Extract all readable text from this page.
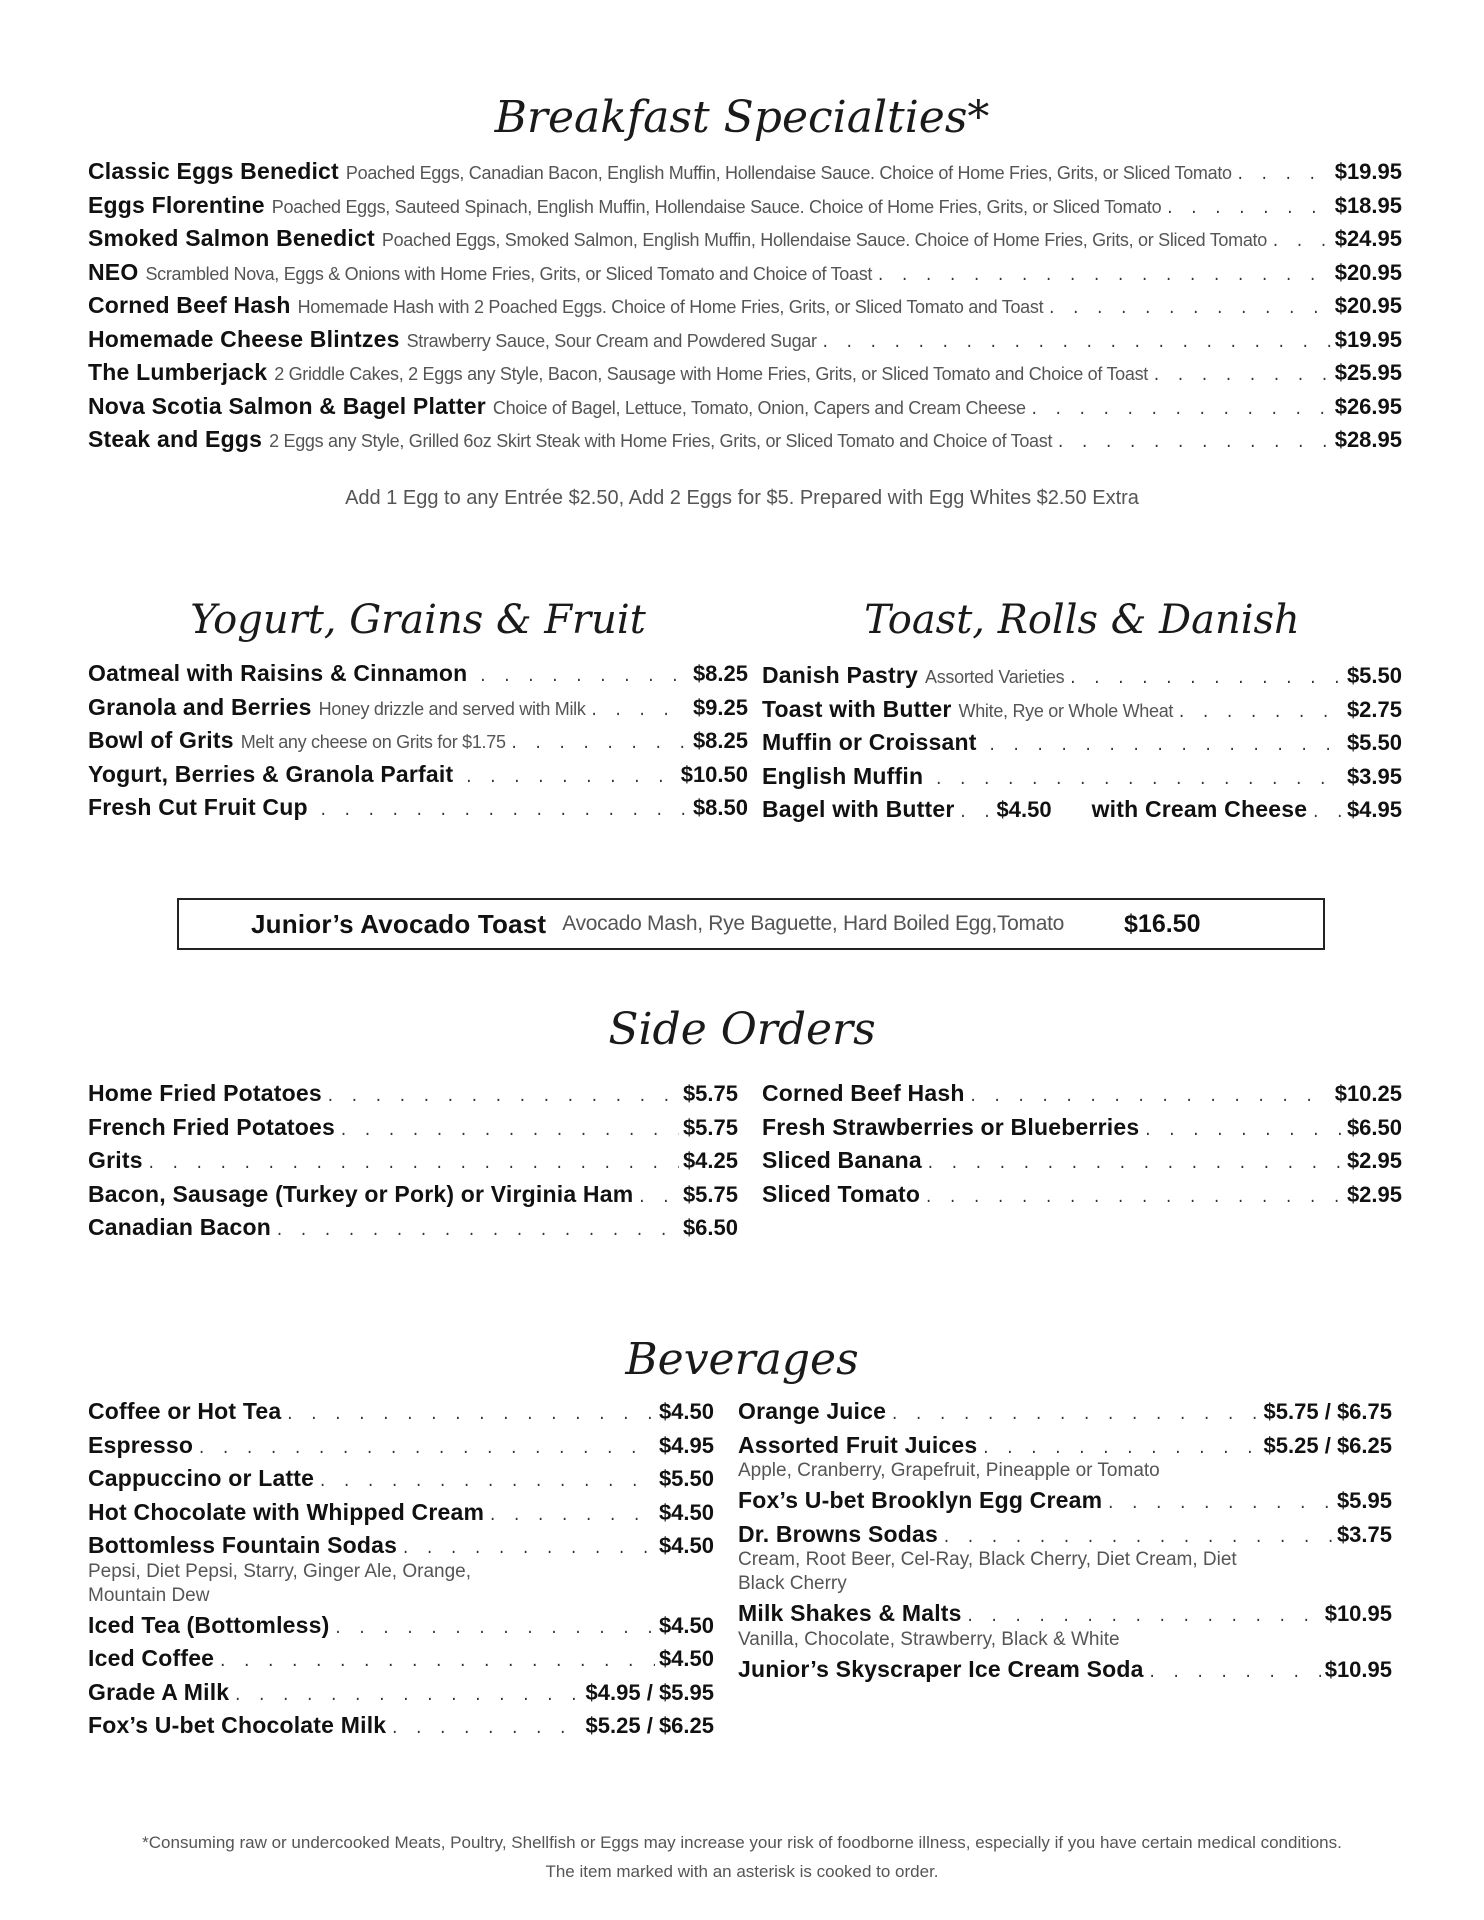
Breakfast Specialties*
Classic Eggs Benedict Poached Eggs, Canadian Bacon, English Muffin, Hollendaise Sauce. Choice of Home Fries, Grits, or Sliced Tomato . . .	$19.95
Eggs Florentine Poached Eggs, Sauteed Spinach, English Muffin, Hollendaise Sauce. Choice of Home Fries, Grits, or Sliced Tomato . . .	$18.95
Smoked Salmon Benedict Poached Eggs, Smoked Salmon, English Muffin, Hollendaise Sauce. Choice of Home Fries, Grits, or Sliced Tomato . . .	$24.95
NEO Scrambled Nova, Eggs & Onions with Home Fries, Grits, or Sliced Tomato and Choice of Toast . . .	$20.95
Corned Beef Hash Homemade Hash with 2 Poached Eggs. Choice of Home Fries, Grits, or Sliced Tomato and Toast . . .	$20.95
Homemade Cheese Blintzes Strawberry Sauce, Sour Cream and Powdered Sugar . . .	$19.95
The Lumberjack 2 Griddle Cakes, 2 Eggs any Style, Bacon, Sausage with Home Fries, Grits, or Sliced Tomato and Choice of Toast . . .	$25.95
Nova Scotia Salmon & Bagel Platter Choice of Bagel, Lettuce, Tomato, Onion, Capers and Cream Cheese . . .	$26.95
Steak and Eggs 2 Eggs any Style, Grilled 6oz Skirt Steak with Home Fries, Grits, or Sliced Tomato and Choice of Toast . . .	$28.95
Add 1 Egg to any Entrée $2.50, Add 2 Eggs for $5. Prepared with Egg Whites $2.50 Extra
Yogurt, Grains & Fruit
Oatmeal with Raisins & Cinnamon . . .	$8.25
Granola and Berries Honey drizzle and served with Milk . . .	$9.25
Bowl of Grits Melt any cheese on Grits for $1.75 . . .	$8.25
Yogurt, Berries & Granola Parfait . . .	$10.50
Fresh Cut Fruit Cup . . .	$8.50
Toast, Rolls & Danish
Danish Pastry Assorted Varieties . . .	$5.50
Toast with Butter White, Rye or Whole Wheat . . .	$2.75
Muffin or Croissant . . .	$5.50
English Muffin . . .	$3.95
Bagel with Butter . . . $4.50 with Cream Cheese . . . $4.95
Junior’s Avocado Toast Avocado Mash, Rye Baguette, Hard Boiled Egg,Tomato $16.50
Side Orders
Home Fried Potatoes . . .	$5.75
French Fried Potatoes . . .	$5.75
Grits . . .	$4.25
Bacon, Sausage (Turkey or Pork) or Virginia Ham . . . $5.75
Canadian Bacon . . .	$6.50
Corned Beef Hash . . .	$10.25
Fresh Strawberries or Blueberries . . .	$6.50
Sliced Banana . . .	$2.95
Sliced Tomato . . .	$2.95
Beverages
Coffee or Hot Tea . . .	$4.50
Espresso . . .	$4.95
Cappuccino or Latte . . .	$5.50
Hot Chocolate with Whipped Cream . . .	$4.50
Bottomless Fountain Sodas . . .	$4.50
Pepsi, Diet Pepsi, Starry, Ginger Ale, Orange, Mountain Dew
Iced Tea (Bottomless) . . .	$4.50
Iced Coffee . . .	$4.50
Grade A Milk . . .	$4.95 / $5.95
Fox’s U-bet Chocolate Milk . . .	$5.25 / $6.25
Orange Juice . . .	$5.75 / $6.75
Assorted Fruit Juices . . .	$5.25 / $6.25
Apple, Cranberry, Grapefruit, Pineapple or Tomato
Fox’s U-bet Brooklyn Egg Cream . . .	$5.95
Dr. Browns Sodas . . .	$3.75
Cream, Root Beer, Cel-Ray, Black Cherry, Diet Cream, Diet Black Cherry
Milk Shakes & Malts . . .	$10.95
Vanilla, Chocolate, Strawberry, Black & White
Junior’s Skyscraper Ice Cream Soda . . .	$10.95
*Consuming raw or undercooked Meats, Poultry, Shellfish or Eggs may increase your risk of foodborne illness, especially if you have certain medical conditions.
The item marked with an asterisk is cooked to order.
